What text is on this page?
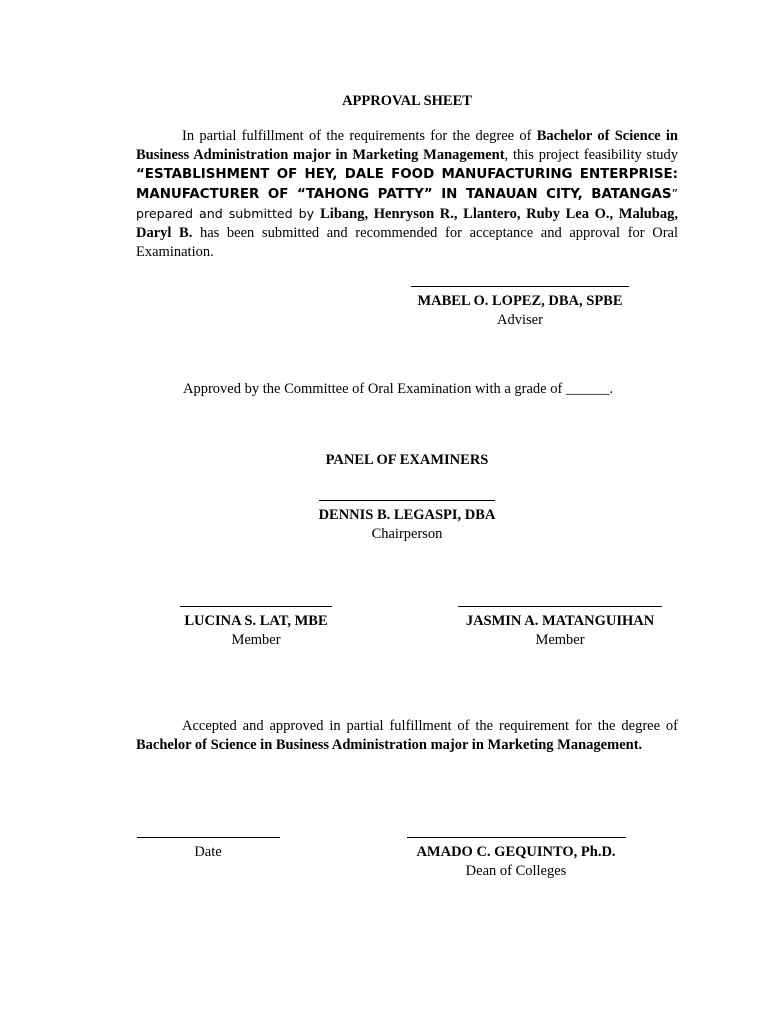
APPROVAL SHEET
In partial fulfillment of the requirements for the degree of Bachelor of Science in Business Administration major in Marketing Management, this project feasibility study “ESTABLISHMENT OF HEY, DALE FOOD MANUFACTURING ENTERPRISE: MANUFACTURER OF “TAHONG PATTY” IN TANAUAN CITY, BATANGAS” prepared and submitted by Libang, Henryson R., Llantero, Ruby Lea O., Malubag, Daryl B. has been submitted and recommended for acceptance and approval for Oral Examination.
MABEL O. LOPEZ, DBA, SPBE
Adviser
Approved by the Committee of Oral Examination with a grade of ______.
PANEL OF EXAMINERS
DENNIS B. LEGASPI, DBA
Chairperson
LUCINA S. LAT, MBE
Member
JASMIN A. MATANGUIHAN
Member
Accepted and approved in partial fulfillment of the requirement for the degree of Bachelor of Science in Business Administration major in Marketing Management.
Date	AMADO C. GEQUINTO, Ph.D.
Dean of Colleges
